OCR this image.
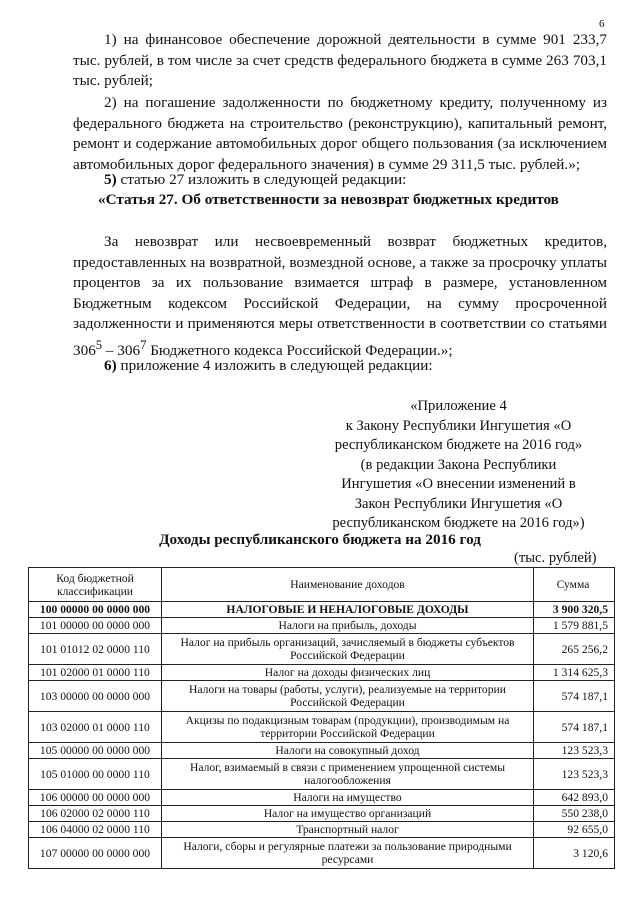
6

1) на финансовое обеспечение дорожной деятельности в сумме 901 233,7 тыс. рублей, в том числе за счет средств федерального бюджета в сумме 263 703,1 тыс. рублей;

2) на погашение задолженности по бюджетному кредиту, полученному из федерального бюджета на строительство (реконструкцию), капитальный ремонт, ремонт и содержание автомобильных дорог общего пользования (за исключением автомобильных дорог федерального значения) в сумме 29 311,5 тыс. рублей.»;

5) статью 27 изложить в следующей редакции:

«Статья 27. Об ответственности за невозврат бюджетных кредитов

За невозврат или несвоевременный возврат бюджетных кредитов, предоставленных на возвратной, возмездной основе, а также за просрочку уплаты процентов за их пользование взимается штраф в размере, установленном Бюджетным кодексом Российской Федерации, на сумму просроченной задолженности и применяются меры ответственности в соответствии со статьями $306^5 - 306^7$ Бюджетного кодекса Российской Федерации.»;

6) приложение 4 изложить в следующей редакции:

«Приложение 4
к Закону Республики Ингушетия «О
республиканском бюджете на 2016 год»
(в редакции Закона Республики
Ингушетия «О внесении изменений в
Закон Республики Ингушетия «О
республиканском бюджете на 2016 год»)
Доходы республиканского бюджета на 2016 год
(тыс. рублей)
Код бюджетной классификации	Наименование доходов	Сумма
100 00000 00 0000 000	НАЛОГОВЫЕ И НЕНАЛОГОВЫЕ ДОХОДЫ	3 900 320,5
101 00000 00 0000 000	Налоги на прибыль, доходы	1 579 881,5
101 01012 02 0000 110	Налог на прибыль организаций, зачисляемый в бюджеты субъектов Российской Федерации	265 256,2
101 02000 01 0000 110	Налог на доходы физических лиц	1 314 625,3
103 00000 00 0000 000	Налоги на товары (работы, услуги), реализуемые на территории Российской Федерации	574 187,1
103 02000 01 0000 110	Акцизы по подакцизным товарам (продукции), производимым на территории Российской Федерации	574 187,1
105 00000 00 0000 000	Налоги на совокупный доход	123 523,3
105 01000 00 0000 110	Налог, взимаемый в связи с применением упрощенной системы налогообложения	123 523,3
106 00000 00 0000 000	Налоги на имущество	642 893,0
106 02000 02 0000 110	Налог на имущество организаций	550 238,0
106 04000 02 0000 110	Транспортный налог	92 655,0
107 00000 00 0000 000	Налоги, сборы и регулярные платежи за пользование природными ресурсами	3 120,6
